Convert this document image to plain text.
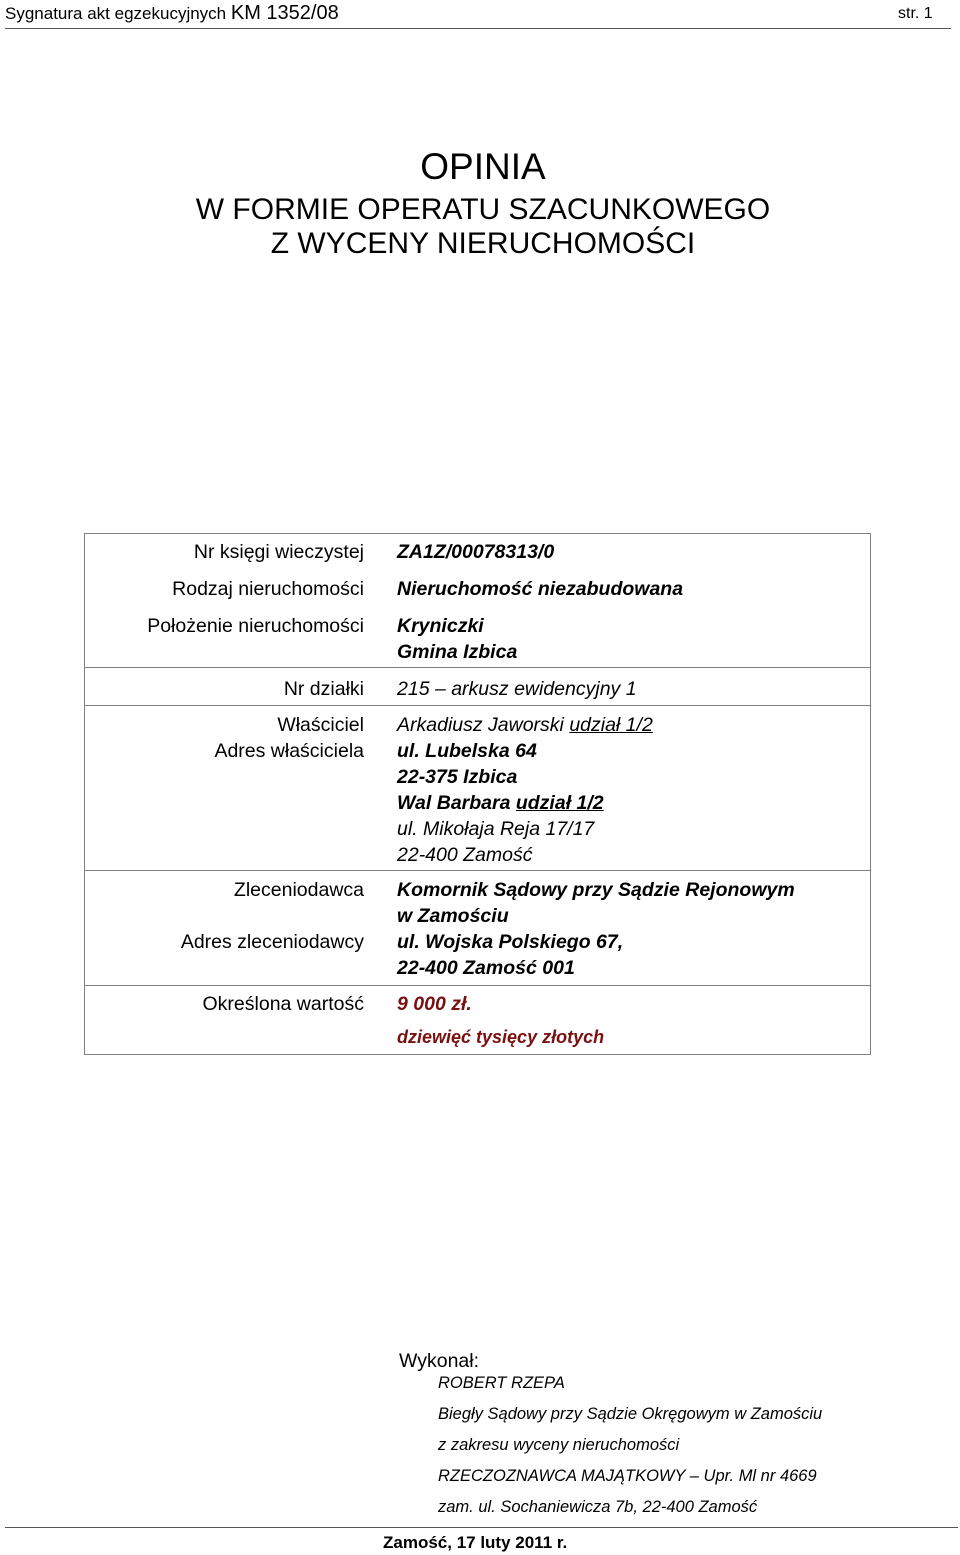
Sygnatura akt egzekucyjnych KM 1352/08	str. 1
OPINIA
W FORMIE OPERATU SZACUNKOWEGO
Z WYCENY NIERUCHOMOŚCI
Nr księgi wieczystej ZA1Z/00078313/0
Rodzaj nieruchomości Nieruchomość niezabudowana
Położenie nieruchomości Kryniczki
Gmina Izbica
Nr działki 215 – arkusz ewidencyjny 1
Właściciel
Adres właściciela
Arkadiusz Jaworski udział 1/2
ul. Lubelska 64
22-375 Izbica
Wal Barbara udział 1/2
ul. Mikołaja Reja 17/17
22-400 Zamość
Zleceniodawca
Adres zleceniodawcy
Komornik Sądowy przy Sądzie Rejonowym
w Zamościu
ul. Wojska Polskiego 67,
22-400 Zamość 001
Określona wartość 9 000 zł.
dziewięć tysięcy złotych
Wykonał:
ROBERT RZEPA
Biegły Sądowy przy Sądzie Okręgowym w Zamościu
z zakresu wyceny nieruchomości
RZECZOZNAWCA MAJĄTKOWY – Upr. Ml nr 4669
zam. ul. Sochaniewicza 7b, 22-400 Zamość
Zamość, 17 luty 2011 r.
